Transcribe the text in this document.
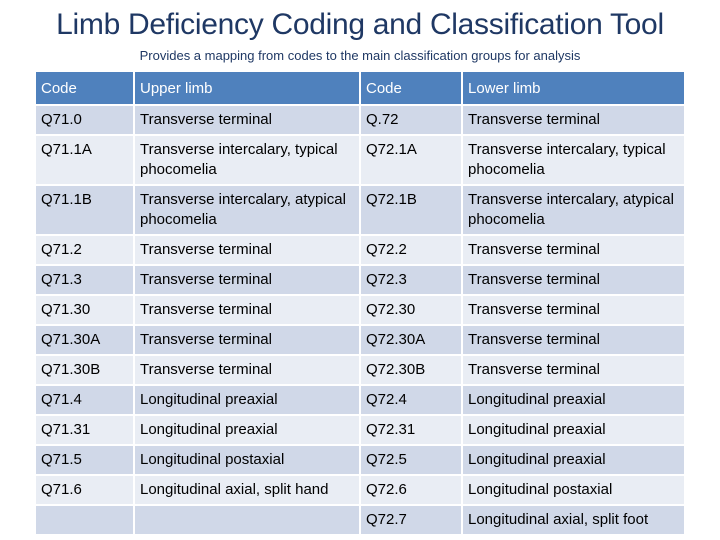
Limb Deficiency Coding and Classification Tool
Provides a mapping from codes to the main classification groups for analysis
Code	Upper limb	Code	Lower limb
Q71.0	Transverse terminal	Q.72	Transverse terminal
Q71.1A	Transverse intercalary, typical phocomelia	Q72.1A	Transverse intercalary, typical phocomelia
Q71.1B	Transverse intercalary, atypical phocomelia	Q72.1B	Transverse intercalary, atypical phocomelia
Q71.2	Transverse terminal	Q72.2	Transverse terminal
Q71.3	Transverse terminal	Q72.3	Transverse terminal
Q71.30	Transverse terminal	Q72.30	Transverse terminal
Q71.30A	Transverse terminal	Q72.30A	Transverse terminal
Q71.30B	Transverse terminal	Q72.30B	Transverse terminal
Q71.4	Longitudinal preaxial	Q72.4	Longitudinal preaxial
Q71.31	Longitudinal preaxial	Q72.31	Longitudinal preaxial
Q71.5	Longitudinal postaxial	Q72.5	Longitudinal preaxial
Q71.6	Longitudinal axial, split hand	Q72.6	Longitudinal postaxial
		Q72.7	Longitudinal axial, split foot
